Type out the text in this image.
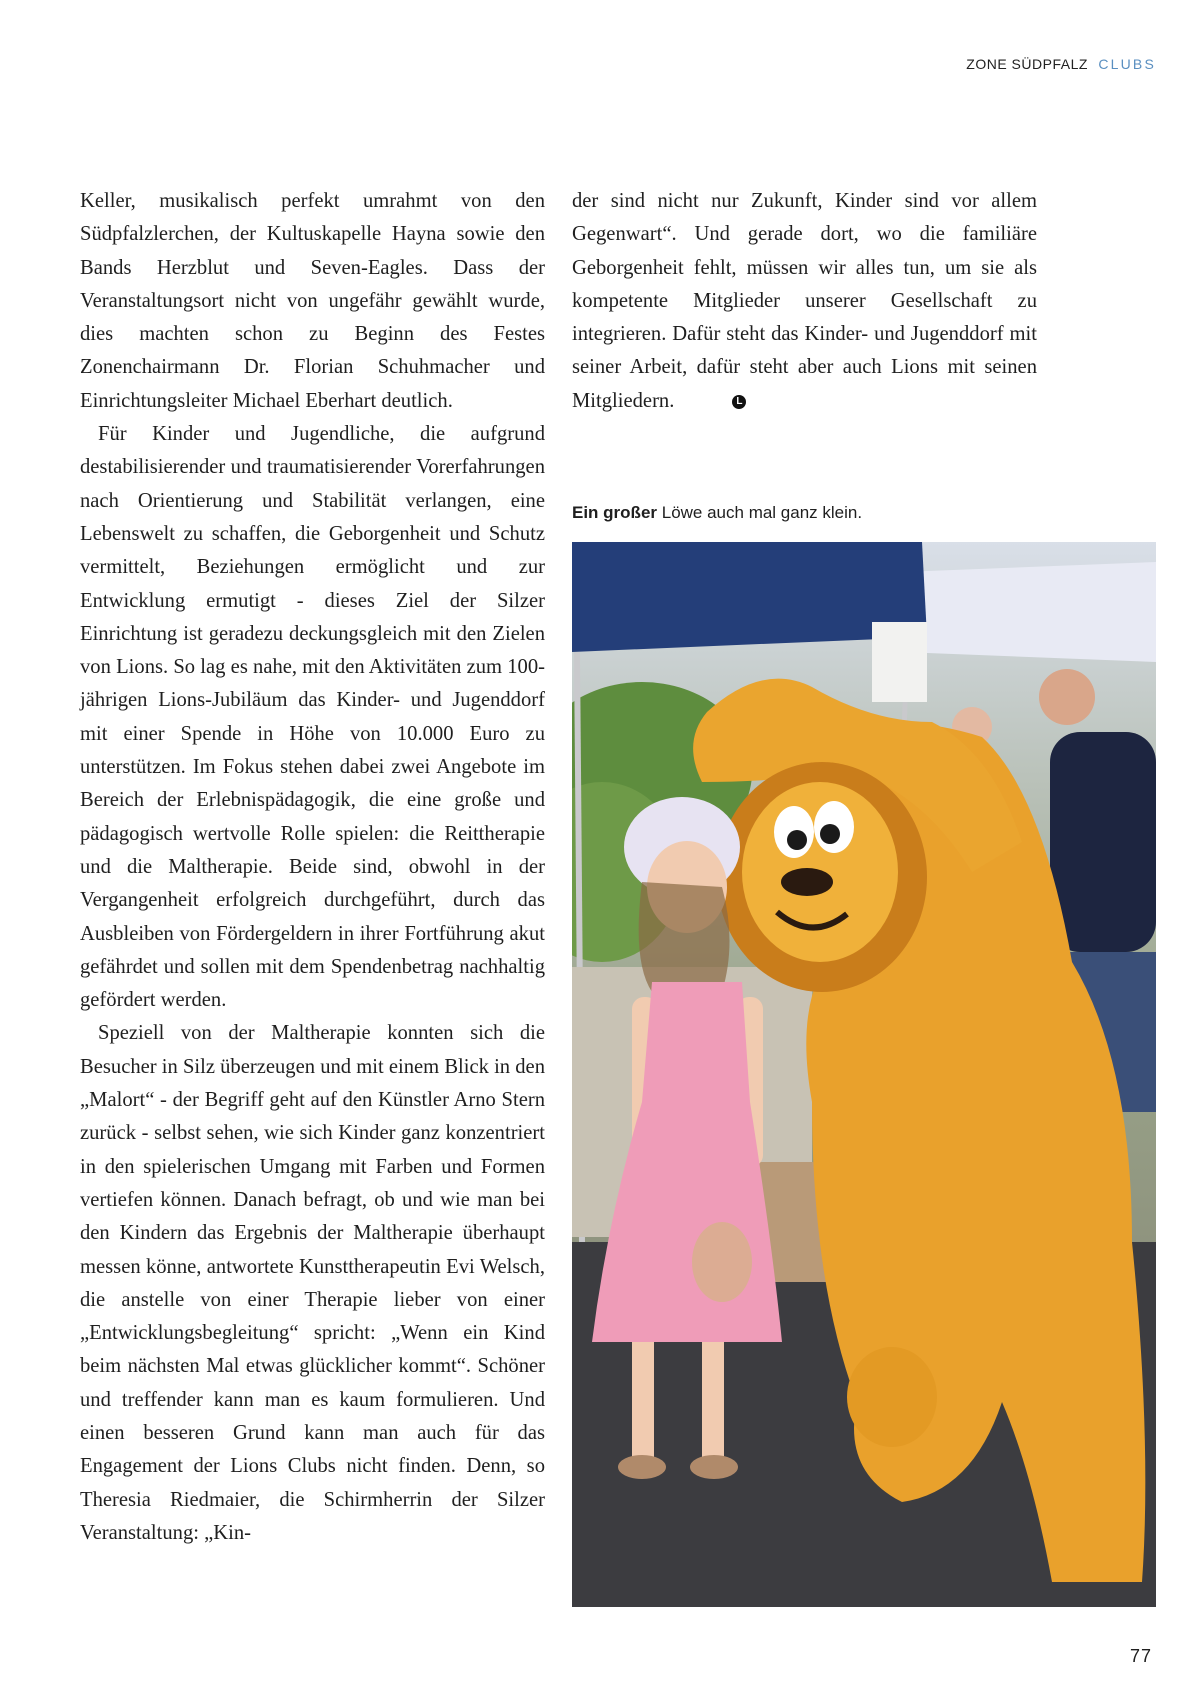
ZONE SÜDPFALZ CLUBS

Keller, musikalisch perfekt umrahmt von den Südpfalzlerchen, der Kultuskapelle Hayna sowie den Bands Herzblut und Seven-Eagles. Dass der Veranstaltungsort nicht von ungefähr gewählt wurde, dies machten schon zu Beginn des Festes Zonenchairmann Dr. Florian Schuhmacher und Einrichtungsleiter Michael Eberhart deutlich.

Für Kinder und Jugendliche, die aufgrund destabilisierender und traumatisierender Vorerfahrungen nach Orientierung und Stabilität verlangen, eine Lebenswelt zu schaffen, die Geborgenheit und Schutz vermittelt, Beziehungen ermöglicht und zur Entwicklung ermutigt - dieses Ziel der Silzer Einrichtung ist geradezu deckungsgleich mit den Zielen von Lions. So lag es nahe, mit den Aktivitäten zum 100-jährigen Lions-Jubiläum das Kinder- und Jugenddorf mit einer Spende in Höhe von 10.000 Euro zu unterstützen. Im Fokus stehen dabei zwei Angebote im Bereich der Erlebnispädagogik, die eine große und pädagogisch wertvolle Rolle spielen: die Reittherapie und die Maltherapie. Beide sind, obwohl in der Vergangenheit erfolgreich durchgeführt, durch das Ausbleiben von Fördergeldern in ihrer Fortführung akut gefährdet und sollen mit dem Spendenbetrag nachhaltig gefördert werden.

Speziell von der Maltherapie konnten sich die Besucher in Silz überzeugen und mit einem Blick in den „Malort“ - der Begriff geht auf den Künstler Arno Stern zurück - selbst sehen, wie sich Kinder ganz konzentriert in den spielerischen Umgang mit Farben und Formen vertiefen können. Danach befragt, ob und wie man bei den Kindern das Ergebnis der Maltherapie überhaupt messen könne, antwortete Kunsttherapeutin Evi Welsch, die anstelle von einer Therapie lieber von einer „Entwicklungsbegleitung“ spricht: „Wenn ein Kind beim nächsten Mal etwas glücklicher kommt“. Schöner und treffender kann man es kaum formulieren. Und einen besseren Grund kann man auch für das Engagement der Lions Clubs nicht finden. Denn, so Theresia Riedmaier, die Schirmherrin der Silzer Veranstaltung: „Kin-

der sind nicht nur Zukunft, Kinder sind vor allem Gegenwart“. Und gerade dort, wo die familiäre Geborgenheit fehlt, müssen wir alles tun, um sie als kompetente Mitglieder unserer Gesellschaft zu integrieren. Dafür steht das Kinder- und Jugenddorf mit seiner Arbeit, dafür steht aber auch Lions mit seinen Mitgliedern.	L

Ein großer Löwe auch mal ganz klein.
77
